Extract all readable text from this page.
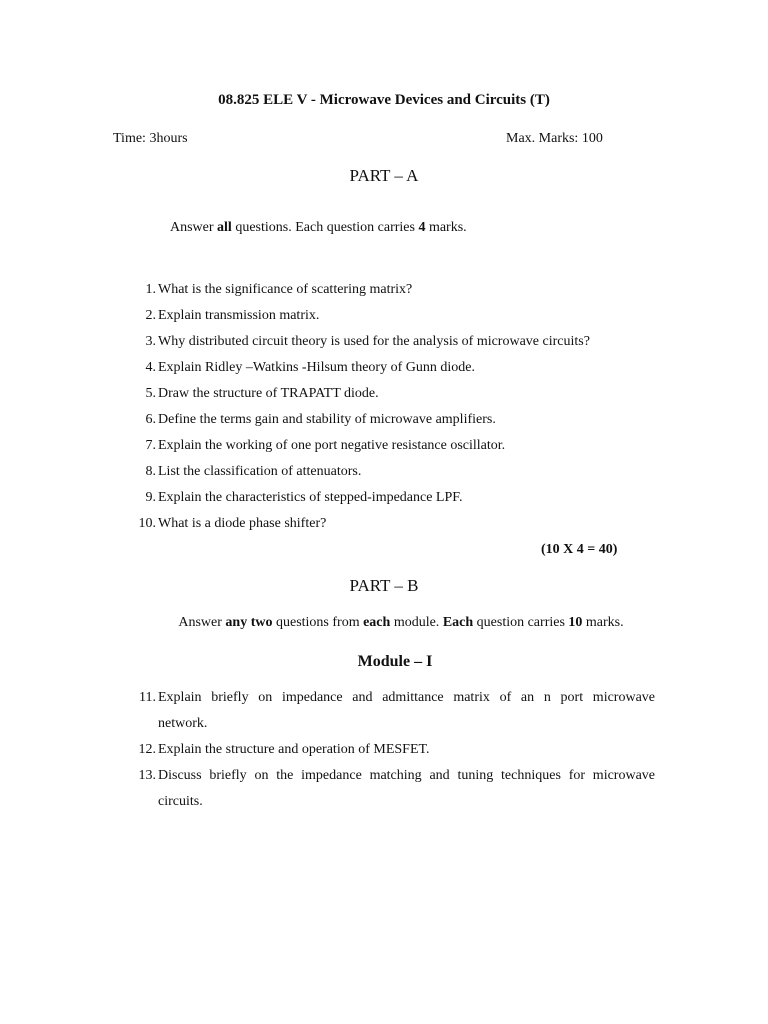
08.825 ELE V - Microwave Devices and Circuits (T)
Time: 3hours	Max. Marks: 100
PART – A
Answer all questions. Each question carries 4 marks.
1. What is the significance of scattering matrix?
2. Explain transmission matrix.
3. Why distributed circuit theory is used for the analysis of microwave circuits?
4. Explain Ridley –Watkins -Hilsum theory of Gunn diode.
5. Draw the structure of TRAPATT diode.
6. Define the terms gain and stability of microwave amplifiers.
7. Explain the working of one port negative resistance oscillator.
8. List the classification of attenuators.
9. Explain the characteristics of stepped-impedance LPF.
10. What is a diode phase shifter?
(10 X 4 = 40)
PART – B
Answer any two questions from each module. Each question carries 10 marks.
Module – I
11. Explain briefly on impedance and admittance matrix of an n port microwave
network.
12. Explain the structure and operation of MESFET.
13. Discuss briefly on the impedance matching and tuning techniques for microwave
circuits.
